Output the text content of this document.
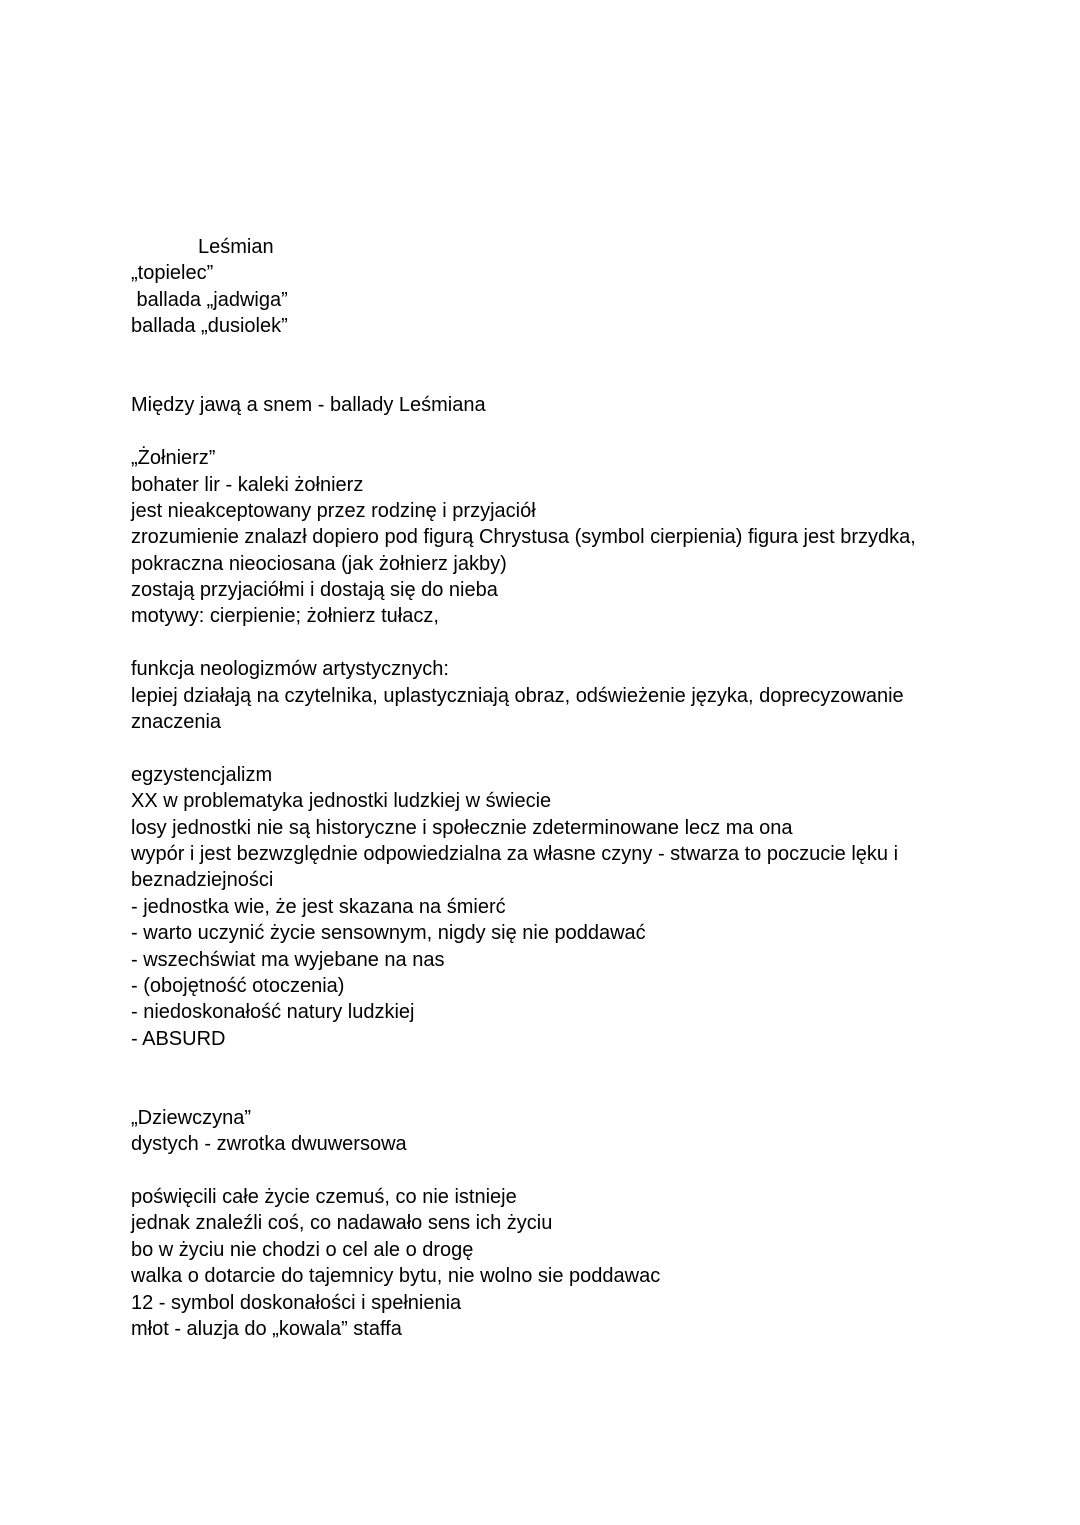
Leśmian
„topielec”
ballada „jadwiga”
ballada „dusiolek”
Między jawą a snem - ballady Leśmiana
„Żołnierz”
bohater lir - kaleki żołnierz
jest nieakceptowany przez rodzinę i przyjaciół
zrozumienie znalazł dopiero pod figurą Chrystusa (symbol cierpienia) figura jest brzydka,
pokraczna nieociosana (jak żołnierz jakby)
zostają przyjaciółmi i dostają się do nieba
motywy: cierpienie; żołnierz tułacz,
funkcja neologizmów artystycznych:
lepiej działają na czytelnika, uplastyczniają obraz, odświeżenie języka, doprecyzowanie
znaczenia
egzystencjalizm
XX w problematyka jednostki ludzkiej w świecie
losy jednostki nie są historyczne i społecznie zdeterminowane lecz ma ona
wypór i jest bezwzględnie odpowiedzialna za własne czyny - stwarza to poczucie lęku i
beznadziejności
- jednostka wie, że jest skazana na śmierć
- warto uczynić życie sensownym, nigdy się nie poddawać
- wszechświat ma wyjebane na nas
- (obojętność otoczenia)
- niedoskonałość natury ludzkiej
- ABSURD
„Dziewczyna”
dystych - zwrotka dwuwersowa
poświęcili całe życie czemuś, co nie istnieje
jednak znaleźli coś, co nadawało sens ich życiu
bo w życiu nie chodzi o cel ale o drogę
walka o dotarcie do tajemnicy bytu, nie wolno sie poddawac
12 - symbol doskonałości i spełnienia
młot - aluzja do „kowala” staffa
